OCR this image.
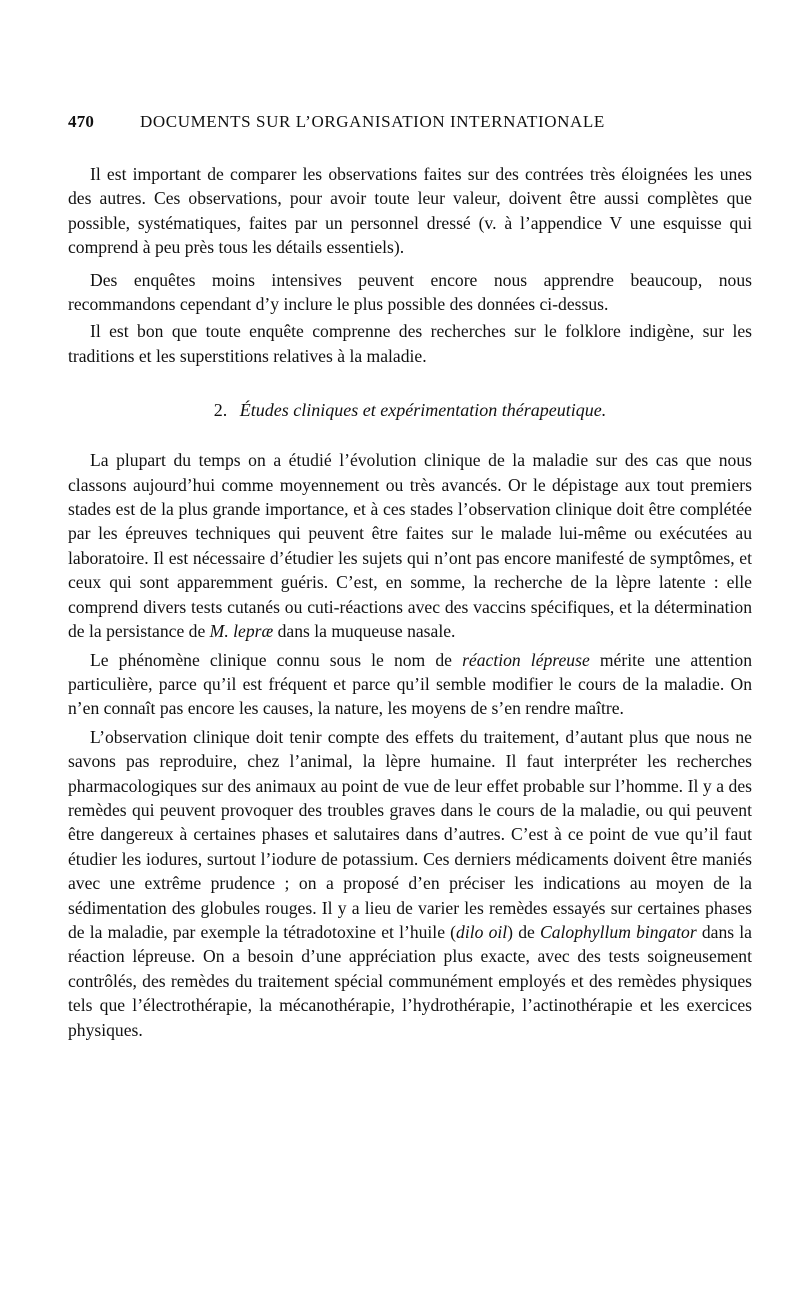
470	DOCUMENTS SUR L’ORGANISATION INTERNATIONALE

Il est important de comparer les observations faites sur des contrées très éloignées les unes des autres. Ces observations, pour avoir toute leur valeur, doivent être aussi complètes que possible, systématiques, faites par un personnel dressé (v. à l’appendice V une esquisse qui comprend à peu près tous les détails essentiels).

Des enquêtes moins intensives peuvent encore nous apprendre beaucoup, nous recommandons cependant d’y inclure le plus possible des données ci-dessus.

Il est bon que toute enquête comprenne des recherches sur le folklore indigène, sur les traditions et les superstitions relatives à la maladie.

2. Études cliniques et expérimentation thérapeutique.

La plupart du temps on a étudié l’évolution clinique de la maladie sur des cas que nous classons aujourd’hui comme moyennement ou très avancés. Or le dépistage aux tout premiers stades est de la plus grande importance, et à ces stades l’observation clinique doit être complétée par les épreuves techniques qui peuvent être faites sur le malade lui-même ou exécutées au laboratoire. Il est nécessaire d’étudier les sujets qui n’ont pas encore manifesté de symptômes, et ceux qui sont apparemment guéris. C’est, en somme, la recherche de la lèpre latente : elle comprend divers tests cutanés ou cuti-réactions avec des vaccins spécifiques, et la détermination de la persistance de M. lepræ dans la muqueuse nasale.

Le phénomène clinique connu sous le nom de réaction lépreuse mérite une attention particulière, parce qu’il est fréquent et parce qu’il semble modifier le cours de la maladie. On n’en connaît pas encore les causes, la nature, les moyens de s’en rendre maître.

L’observation clinique doit tenir compte des effets du traitement, d’autant plus que nous ne savons pas reproduire, chez l’animal, la lèpre humaine. Il faut interpréter les recherches pharmacologiques sur des animaux au point de vue de leur effet probable sur l’homme. Il y a des remèdes qui peuvent provoquer des troubles graves dans le cours de la maladie, ou qui peuvent être dangereux à certaines phases et salutaires dans d’autres. C’est à ce point de vue qu’il faut étudier les iodures, surtout l’iodure de potassium. Ces derniers médicaments doivent être maniés avec une extrême prudence ; on a proposé d’en préciser les indications au moyen de la sédimentation des globules rouges. Il y a lieu de varier les remèdes essayés sur certaines phases de la maladie, par exemple la tétradotoxine et l’huile (dilo oil) de Calophyllum bingator dans la réaction lépreuse. On a besoin d’une appréciation plus exacte, avec des tests soigneusement contrôlés, des remèdes du traitement spécial communément employés et des remèdes physiques tels que l’électrothérapie, la mécanothérapie, l’hydrothérapie, l’actinothérapie et les exercices physiques.
